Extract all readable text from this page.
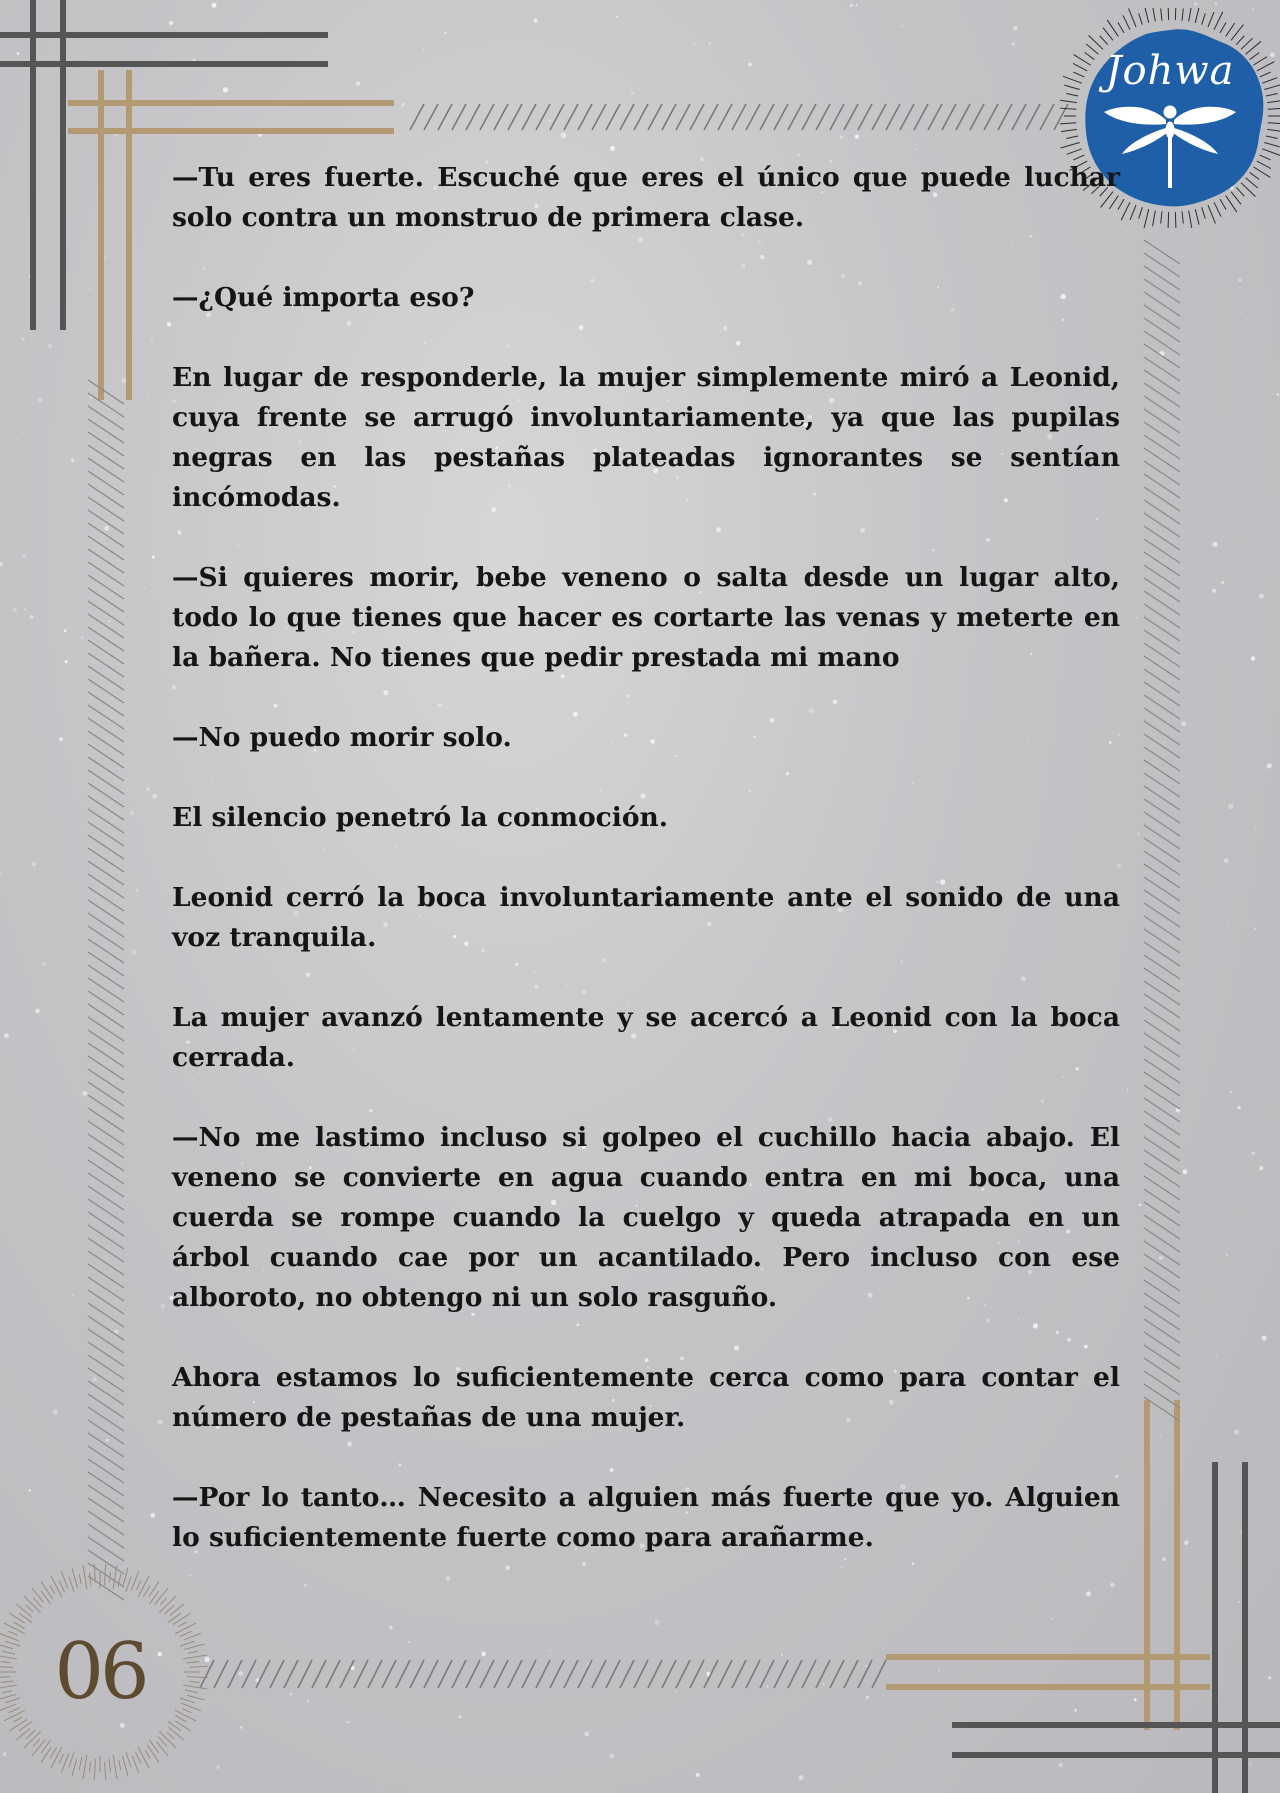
Johwa

—Tu eres fuerte. Escuché que eres el único que puede luchar solo contra un monstruo de primera clase.

—¿Qué importa eso?

En lugar de responderle, la mujer simplemente miró a Leonid, cuya frente se arrugó involuntariamente, ya que las pupilas negras en las pestañas plateadas ignorantes se sentían incómodas.

—Si quieres morir, bebe veneno o salta desde un lugar alto, todo lo que tienes que hacer es cortarte las venas y meterte en la bañera. No tienes que pedir prestada mi mano

—No puedo morir solo.

El silencio penetró la conmoción.

Leonid cerró la boca involuntariamente ante el sonido de una voz tranquila.

La mujer avanzó lentamente y se acercó a Leonid con la boca cerrada.

—No me lastimo incluso si golpeo el cuchillo hacia abajo. El veneno se convierte en agua cuando entra en mi boca, una cuerda se rompe cuando la cuelgo y queda atrapada en un árbol cuando cae por un acantilado. Pero incluso con ese alboroto, no obtengo ni un solo rasguño.

Ahora estamos lo suficientemente cerca como para contar el número de pestañas de una mujer.

—Por lo tanto… Necesito a alguien más fuerte que yo. Alguien lo suficientemente fuerte como para arañarme.

06
